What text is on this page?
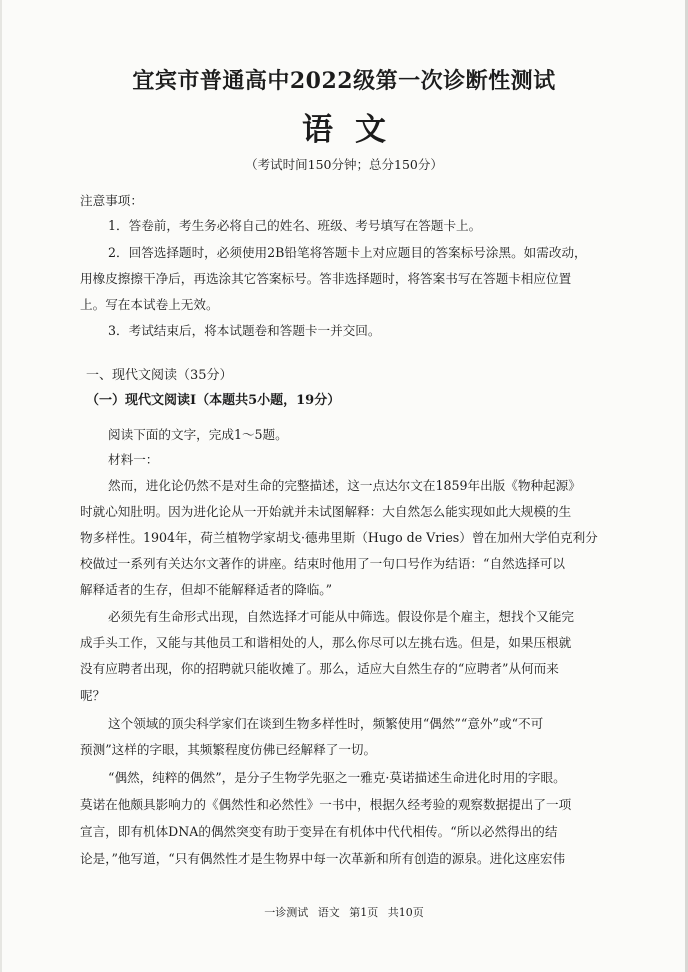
宜宾市普通高中2022级第一次诊断性测试
语文
（考试时间150分钟；总分150分）
注意事项：
1．答卷前，考生务必将自己的姓名、班级、考号填写在答题卡上。
2．回答选择题时，必须使用2B铅笔将答题卡上对应题目的答案标号涂黑。如需改动，
用橡皮擦擦干净后，再选涂其它答案标号。答非选择题时，将答案书写在答题卡相应位置
上。写在本试卷上无效。
3．考试结束后，将本试题卷和答题卡一并交回。
一、现代文阅读（35分）
（一）现代文阅读Ⅰ（本题共5小题，19分）
阅读下面的文字，完成1～5题。
材料一：
然而，进化论仍然不是对生命的完整描述，这一点达尔文在1859年出版《物种起源》
时就心知肚明。因为进化论从一开始就并未试图解释：大自然怎么能实现如此大规模的生
物多样性。1904年，荷兰植物学家胡戈·德弗里斯（Hugo de Vries）曾在加州大学伯克利分
校做过一系列有关达尔文著作的讲座。结束时他用了一句口号作为结语：“自然选择可以
解释适者的生存，但却不能解释适者的降临。”
必须先有生命形式出现，自然选择才可能从中筛选。假设你是个雇主，想找个又能完
成手头工作，又能与其他员工和谐相处的人，那么你尽可以左挑右选。但是，如果压根就
没有应聘者出现，你的招聘就只能收摊了。那么，适应大自然生存的“应聘者”从何而来
呢？
这个领域的顶尖科学家们在谈到生物多样性时，频繁使用“偶然”“意外”或“不可
预测”这样的字眼，其频繁程度仿佛已经解释了一切。
“偶然，纯粹的偶然”，是分子生物学先驱之一雅克·莫诺描述生命进化时用的字眼。
莫诺在他颇具影响力的《偶然性和必然性》一书中，根据久经考验的观察数据提出了一项
宣言，即有机体DNA的偶然突变有助于变异在有机体中代代相传。“所以必然得出的结
论是，”他写道，“只有偶然性才是生物界中每一次革新和所有创造的源泉。进化这座宏伟
一诊测试 语文 第1页 共10页
